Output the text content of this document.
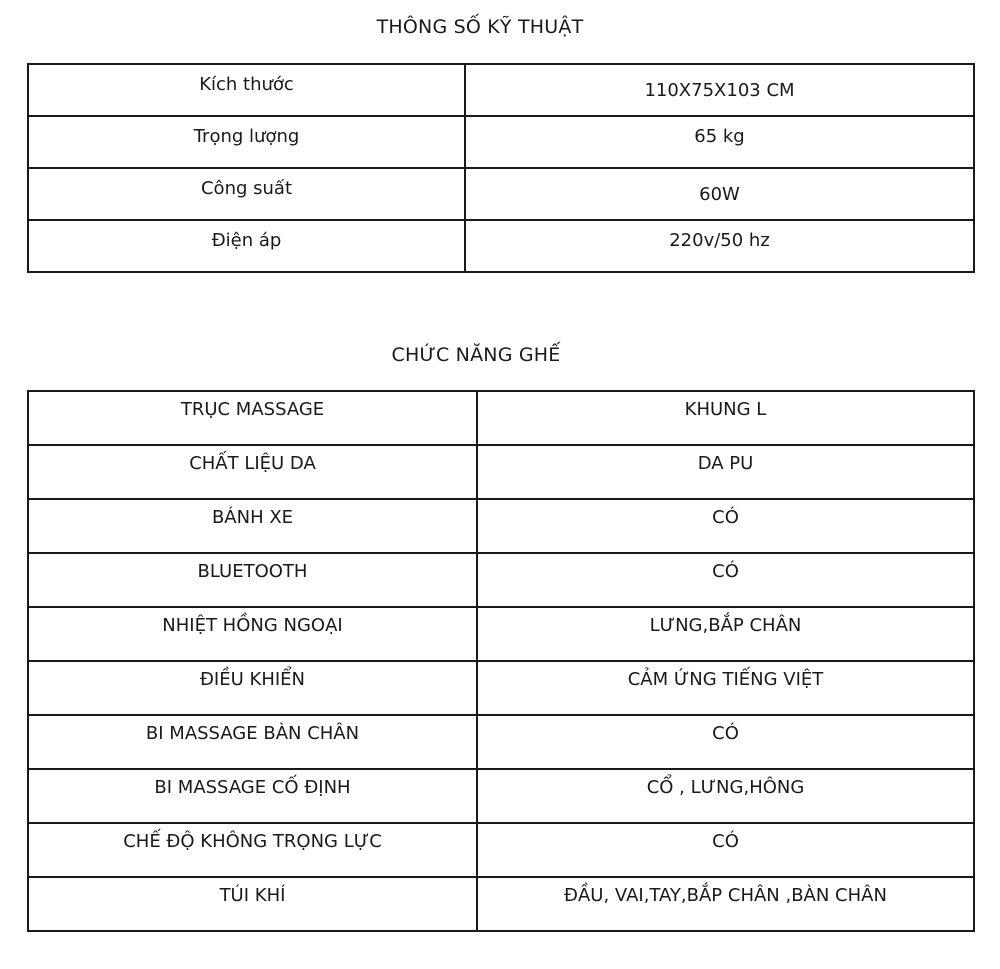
THÔNG SỐ KỸ THUẬT
Kích thước	110X75X103 CM
Trọng lượng	65 kg
Công suất	60W
Điện áp	220v/50 hz
CHỨC NĂNG GHẾ
TRỤC MASSAGE	KHUNG L
CHẤT LIỆU DA	DA PU
BÁNH XE	CÓ
BLUETOOTH	CÓ
NHIỆT HỒNG NGOẠI	LƯNG,BẮP CHÂN
ĐIỀU KHIỂN	CẢM ỨNG TIẾNG VIỆT
BI MASSAGE BÀN CHÂN	CÓ
BI MASSAGE CỐ ĐỊNH	CỔ , LƯNG,HÔNG
CHẾ ĐỘ KHÔNG TRỌNG LỰC	CÓ
TÚI KHÍ	ĐẦU, VAI,TAY,BẮP CHÂN ,BÀN CHÂN
